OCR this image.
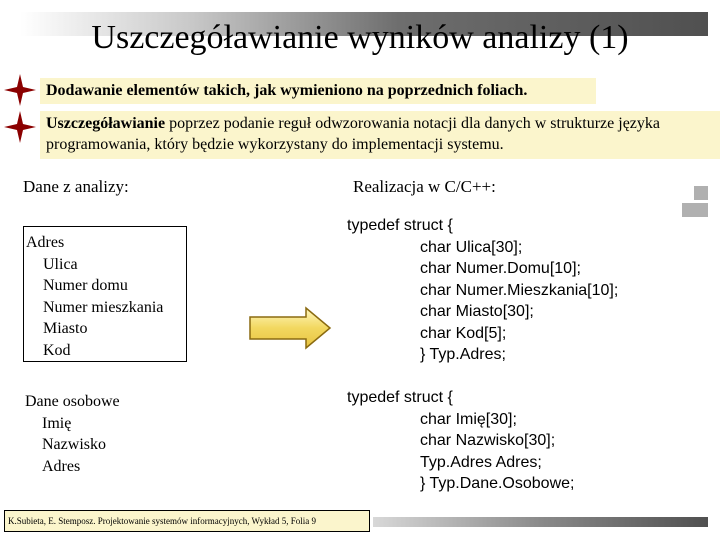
Uszczegóławianie wyników analizy (1)
Dodawanie elementów takich, jak wymieniono na poprzednich foliach.
Uszczegóławianie poprzez podanie reguł odwzorowania notacji dla danych w strukturze języka programowania, który będzie wykorzystany do implementacji systemu.
Dane z analizy:	Realizacja w C/C++:
Adres
Ulica
Numer domu
Numer mieszkania
Miasto
Kod
Dane osobowe
Imię
Nazwisko
Adres
typedef struct {
char Ulica[30];
char Numer.Domu[10];
char Numer.Mieszkania[10];
char Miasto[30];
char Kod[5];
} Typ.Adres;
typedef struct {
char Imię[30];
char Nazwisko[30];
Typ.Adres Adres;
} Typ.Dane.Osobowe;
K.Subieta, E. Stemposz. Projektowanie systemów informacyjnych, Wykład 5, Folia 9
